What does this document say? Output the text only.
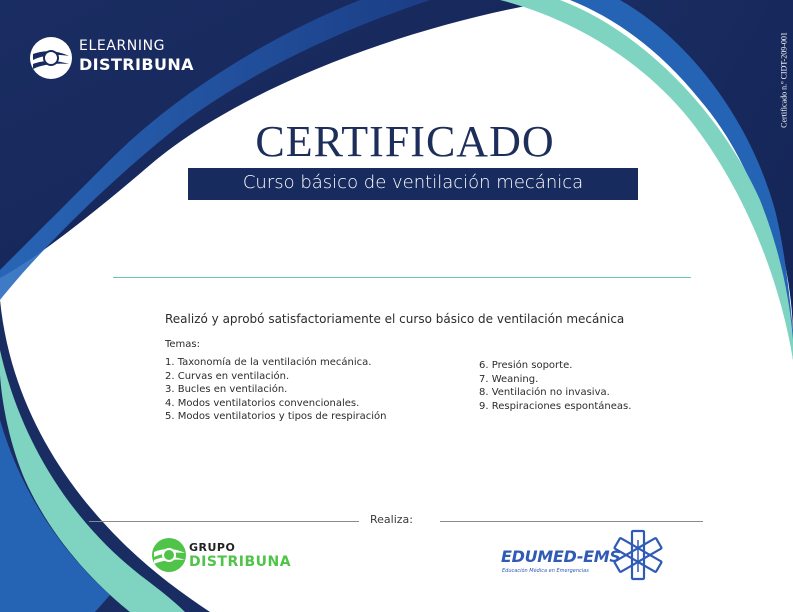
ELEARNING
DISTRIBUNA	Certificado n.º CIDT-209-001
CERTIFICADO
Curso básico de ventilación mecánica
Realizó y aprobó satisfactoriamente el curso básico de ventilación mecánica
Temas:
1. Taxonomía de la ventilación mecánica.
2. Curvas en ventilación.
3. Bucles en ventilación.
4. Modos ventilatorios convencionales.
5. Modos ventilatorios y tipos de respiración
6. Presión soporte.
7. Weaning.
8. Ventilación no invasiva.
9. Respiraciones espontáneas.
Realiza:
GRUPO
DISTRIBUNA	EDUMED-EMS
Educación Médica en Emergencias
